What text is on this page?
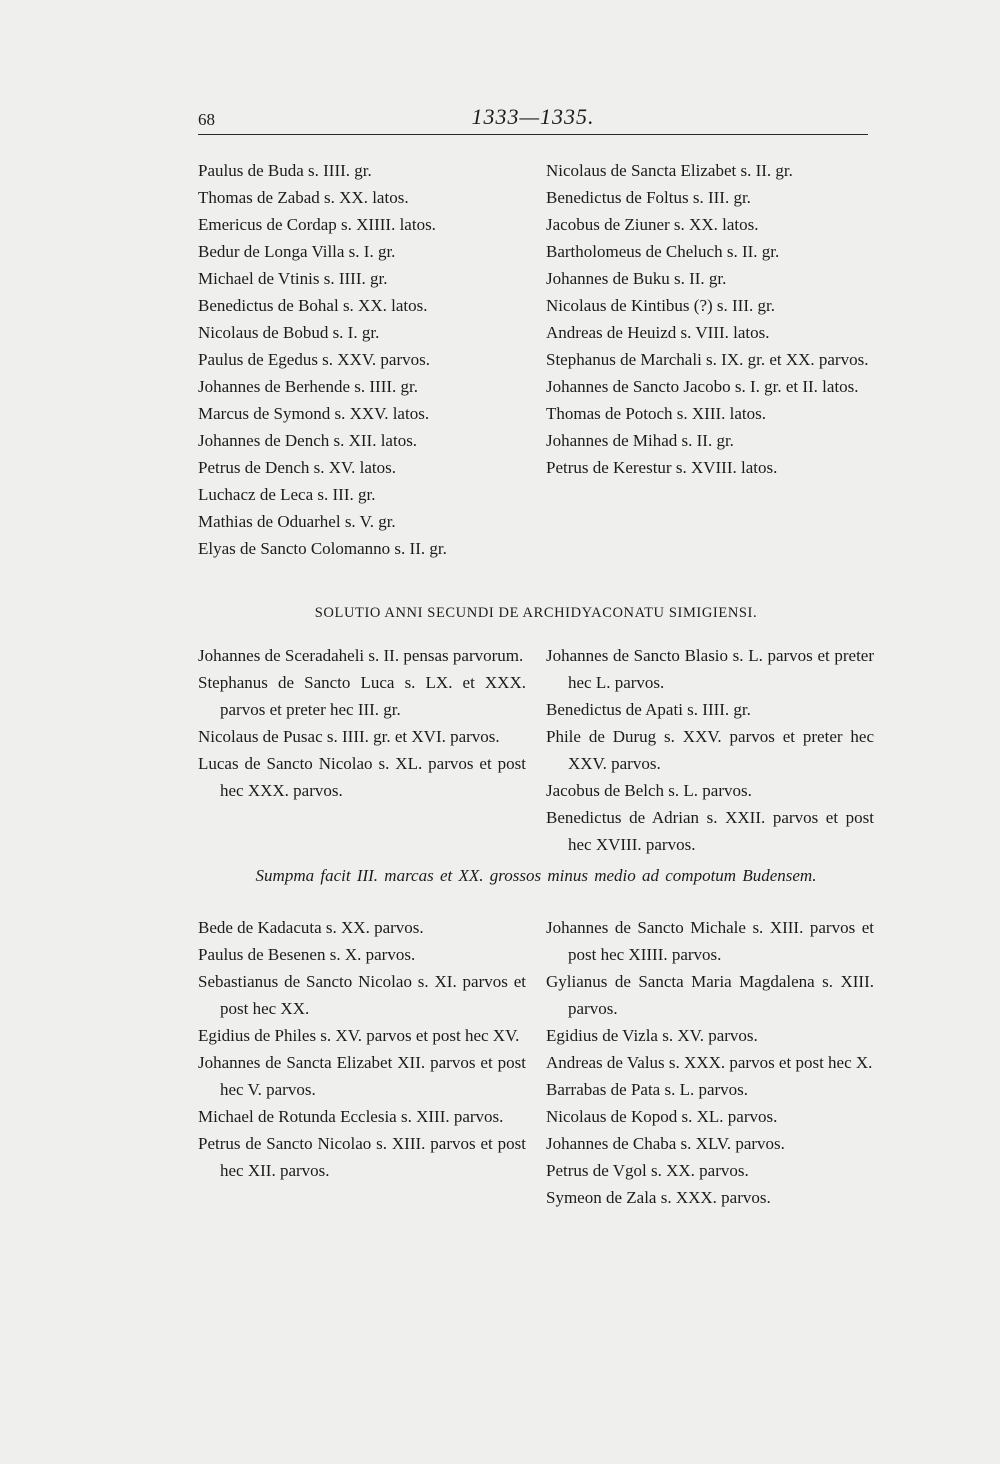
68	1333—1335.

Paulus de Buda s. IIII. gr.

Thomas de Zabad s. XX. latos.

Emericus de Cordap s. XIIII. latos.

Bedur de Longa Villa s. I. gr.

Michael de Vtinis s. IIII. gr.

Benedictus de Bohal s. XX. latos.

Nicolaus de Bobud s. I. gr.

Paulus de Egedus s. XXV. parvos.

Johannes de Berhende s. IIII. gr.

Marcus de Symond s. XXV. latos.

Johannes de Dench s. XII. latos.

Petrus de Dench s. XV. latos.

Luchacz de Leca s. III. gr.

Mathias de Oduarhel s. V. gr.

Elyas de Sancto Colomanno s. II. gr.

Nicolaus de Sancta Elizabet s. II. gr.

Benedictus de Foltus s. III. gr.

Jacobus de Ziuner s. XX. latos.

Bartholomeus de Cheluch s. II. gr.

Johannes de Buku s. II. gr.

Nicolaus de Kintibus (?) s. III. gr.

Andreas de Heuizd s. VIII. latos.

Stephanus de Marchali s. IX. gr. et XX. parvos.

Johannes de Sancto Jacobo s. I. gr. et II. latos.

Thomas de Potoch s. XIII. latos.

Johannes de Mihad s. II. gr.

Petrus de Kerestur s. XVIII. latos.

SOLUTIO ANNI SECUNDI DE ARCHIDYACONATU SIMIGIENSI.

Johannes de Sceradaheli s. II. pensas parvorum.

Stephanus de Sancto Luca s. LX. et XXX. parvos et preter hec III. gr.

Nicolaus de Pusac s. IIII. gr. et XVI. parvos.

Lucas de Sancto Nicolao s. XL. parvos et post hec XXX. parvos.

Johannes de Sancto Blasio s. L. parvos et preter hec L. parvos.

Benedictus de Apati s. IIII. gr.

Phile de Durug s. XXV. parvos et preter hec XXV. parvos.

Jacobus de Belch s. L. parvos.

Benedictus de Adrian s. XXII. parvos et post hec XVIII. parvos.

Sumpma facit III. marcas et XX. grossos minus medio ad compotum Budensem.

Bede de Kadacuta s. XX. parvos.

Paulus de Besenen s. X. parvos.

Sebastianus de Sancto Nicolao s. XI. parvos et post hec XX.

Egidius de Philes s. XV. parvos et post hec XV.

Johannes de Sancta Elizabet XII. parvos et post hec V. parvos.

Michael de Rotunda Ecclesia s. XIII. parvos.

Petrus de Sancto Nicolao s. XIII. parvos et post hec XII. parvos.

Johannes de Sancto Michale s. XIII. parvos et post hec XIIII. parvos.

Gylianus de Sancta Maria Magdalena s. XIII. parvos.

Egidius de Vizla s. XV. parvos.

Andreas de Valus s. XXX. parvos et post hec X.

Barrabas de Pata s. L. parvos.

Nicolaus de Kopod s. XL. parvos.

Johannes de Chaba s. XLV. parvos.

Petrus de Vgol s. XX. parvos.

Symeon de Zala s. XXX. parvos.
